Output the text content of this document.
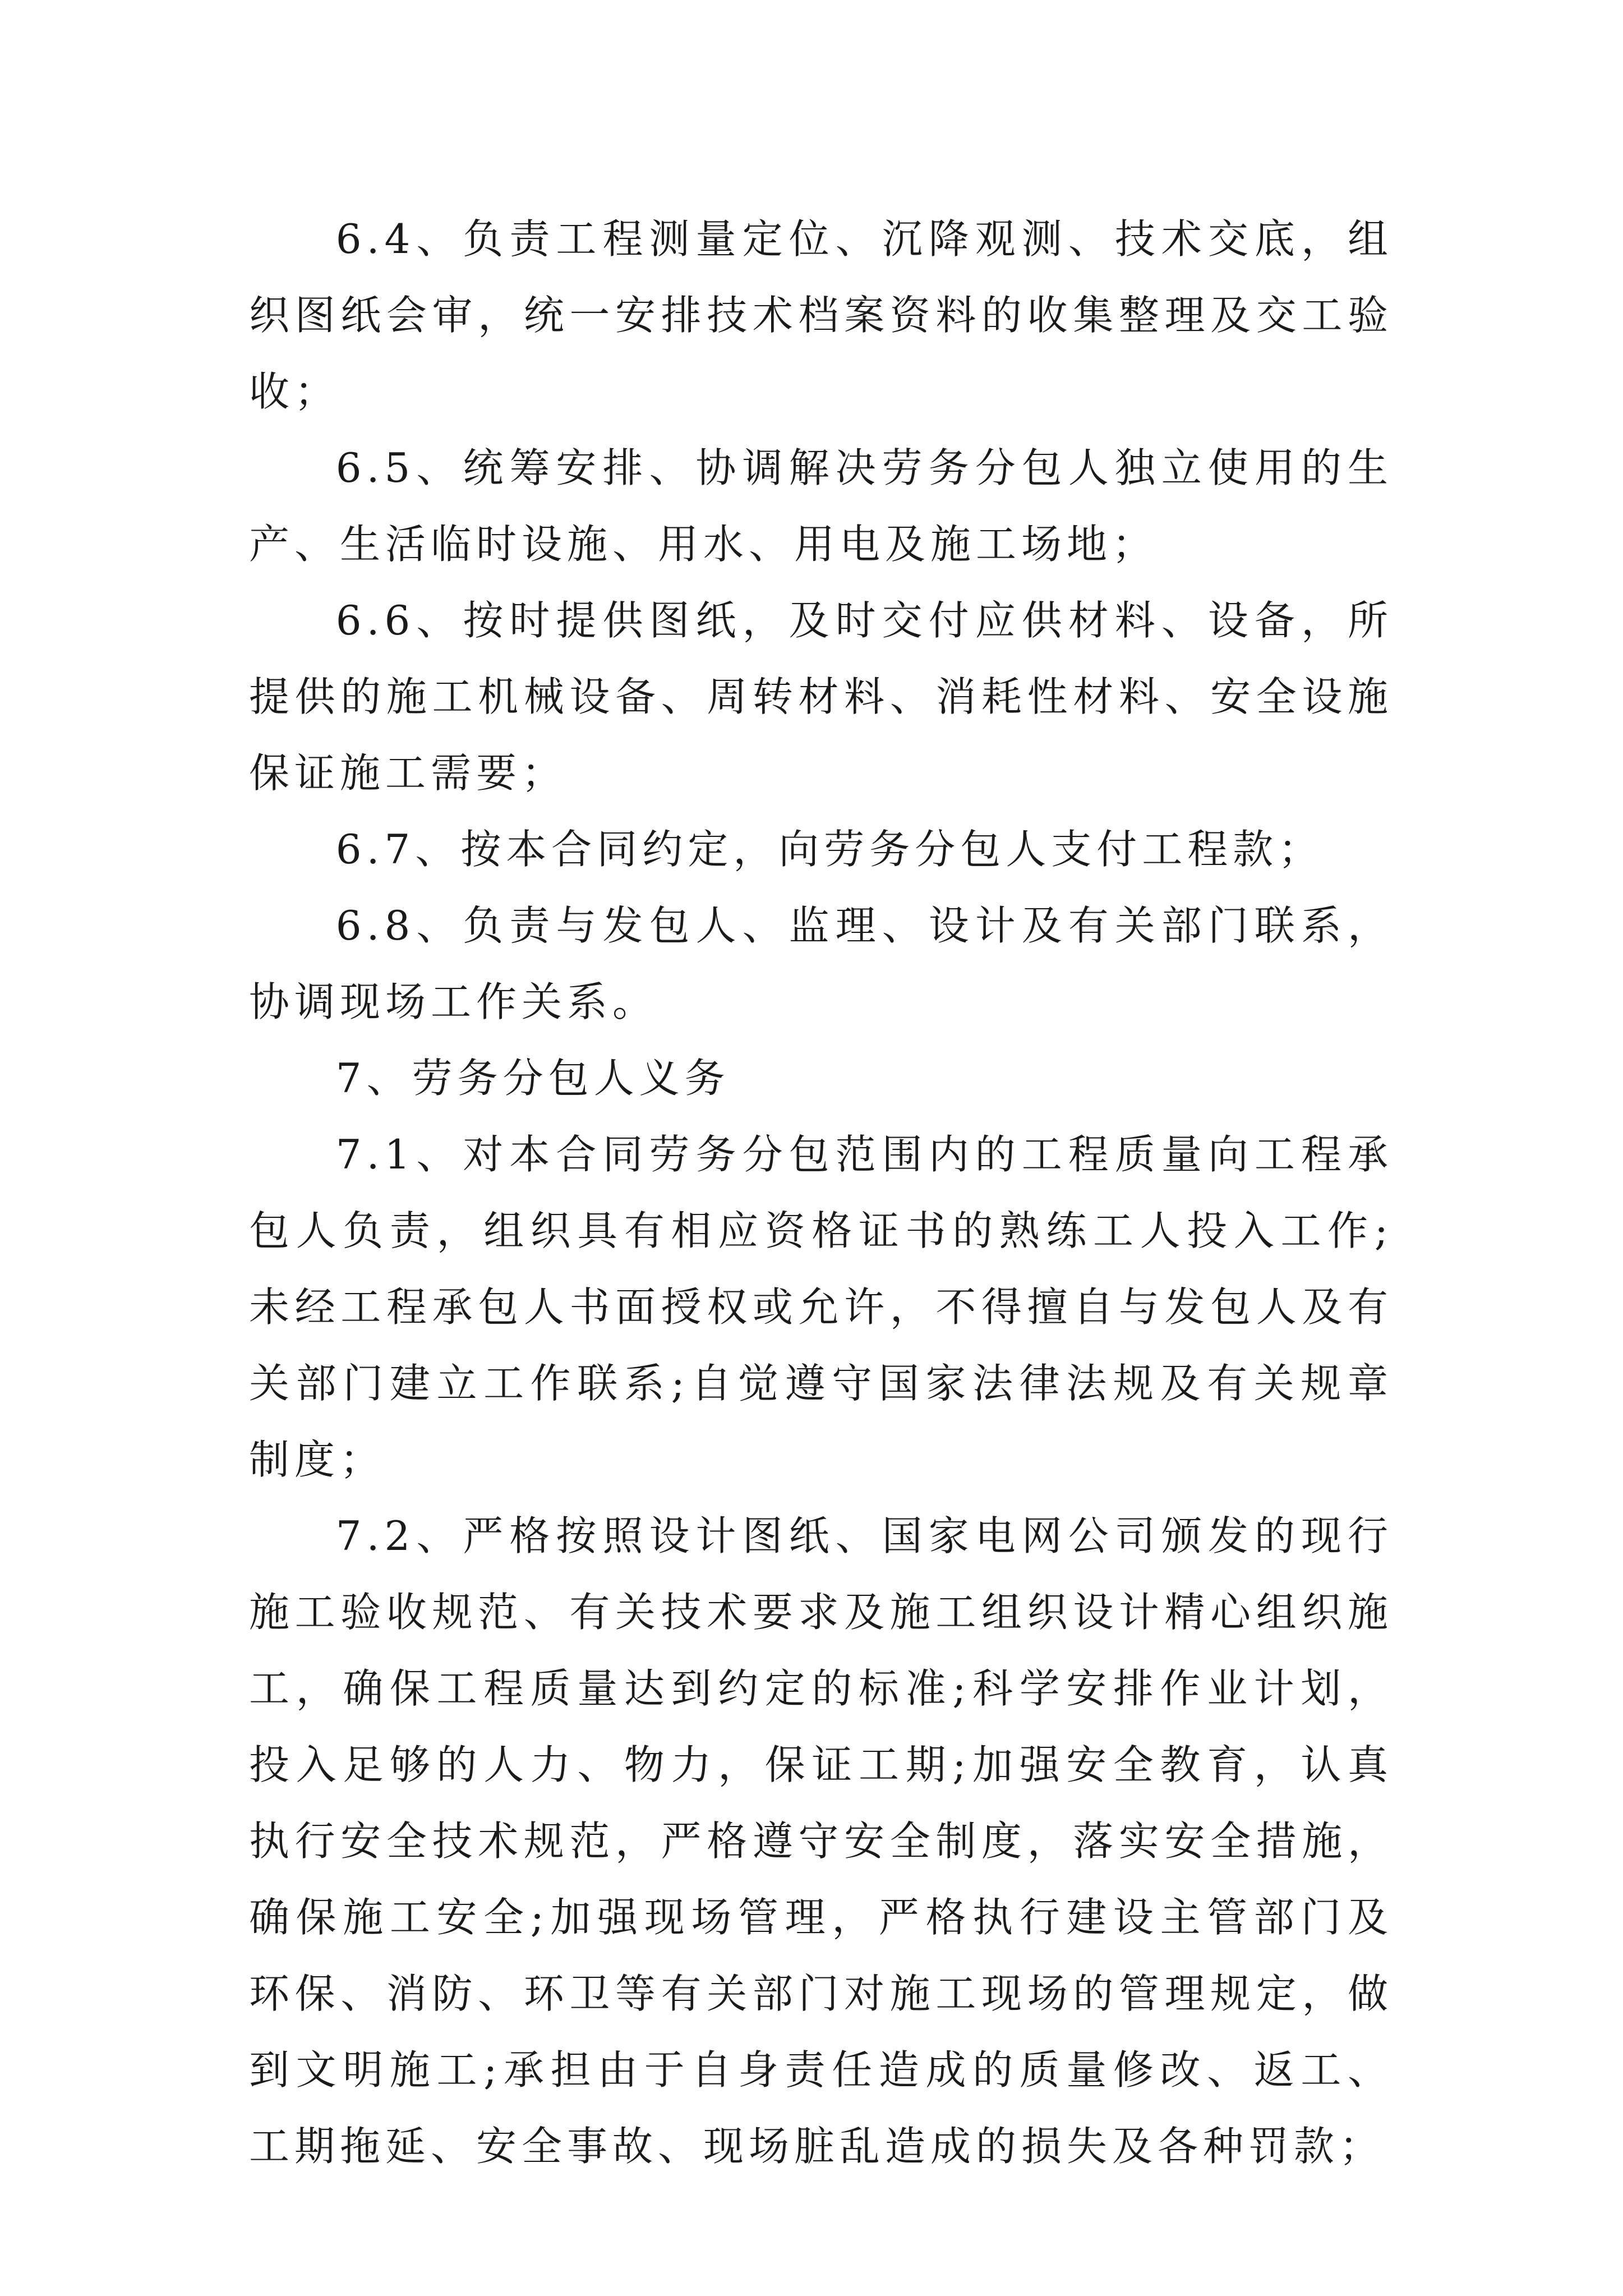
6.4、负责工程测量定位、沉降观测、技术交底，组织图纸会审，统一安排技术档案资料的收集整理及交工验收；

6.5、统筹安排、协调解决劳务分包人独立使用的生产、生活临时设施、用水、用电及施工场地；

6.6、按时提供图纸，及时交付应供材料、设备，所提供的施工机械设备、周转材料、消耗性材料、安全设施保证施工需要；

6.7、按本合同约定，向劳务分包人支付工程款；

6.8、负责与发包人、监理、设计及有关部门联系，协调现场工作关系。

7、劳务分包人义务

7.1、对本合同劳务分包范围内的工程质量向工程承包人负责，组织具有相应资格证书的熟练工人投入工作;未经工程承包人书面授权或允许，不得擅自与发包人及有关部门建立工作联系;自觉遵守国家法律法规及有关规章制度；

7.2、严格按照设计图纸、国家电网公司颁发的现行施工验收规范、有关技术要求及施工组织设计精心组织施工，确保工程质量达到约定的标准;科学安排作业计划，投入足够的人力、物力，保证工期;加强安全教育，认真执行安全技术规范，严格遵守安全制度，落实安全措施，确保施工安全;加强现场管理，严格执行建设主管部门及环保、消防、环卫等有关部门对施工现场的管理规定，做到文明施工;承担由于自身责任造成的质量修改、返工、工期拖延、安全事故、现场脏乱造成的损失及各种罚款；
